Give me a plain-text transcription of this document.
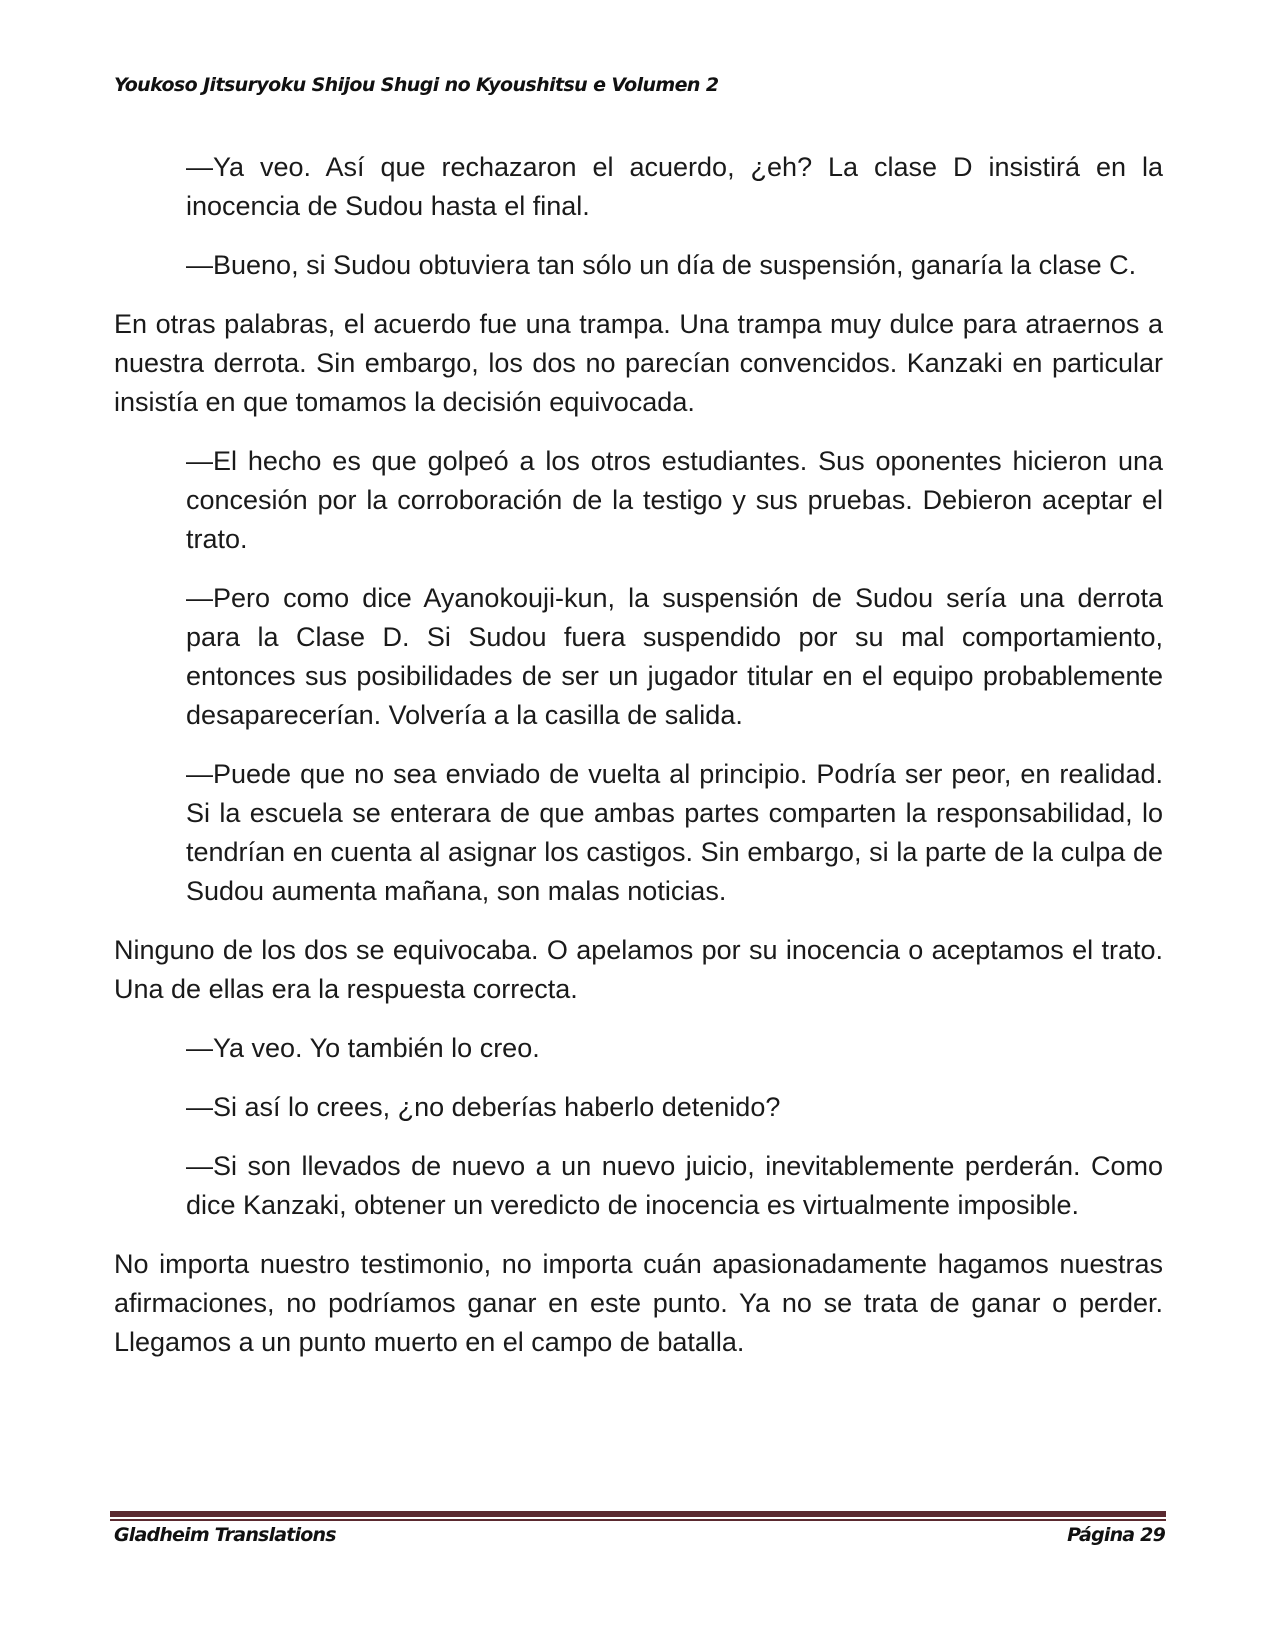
Youkoso Jitsuryoku Shijou Shugi no Kyoushitsu e Volumen 2

—Ya veo. Así que rechazaron el acuerdo, ¿eh? La clase D insistirá en la inocencia de Sudou hasta el final.

—Bueno, si Sudou obtuviera tan sólo un día de suspensión, ganaría la clase C.

En otras palabras, el acuerdo fue una trampa. Una trampa muy dulce para atraernos a nuestra derrota. Sin embargo, los dos no parecían convencidos. Kanzaki en particular insistía en que tomamos la decisión equivocada.

—El hecho es que golpeó a los otros estudiantes. Sus oponentes hicieron una concesión por la corroboración de la testigo y sus pruebas. Debieron aceptar el trato.

—Pero como dice Ayanokouji-kun, la suspensión de Sudou sería una derrota para la Clase D. Si Sudou fuera suspendido por su mal comportamiento, entonces sus posibilidades de ser un jugador titular en el equipo probablemente desaparecerían. Volvería a la casilla de salida.

—Puede que no sea enviado de vuelta al principio. Podría ser peor, en realidad. Si la escuela se enterara de que ambas partes comparten la responsabilidad, lo tendrían en cuenta al asignar los castigos. Sin embargo, si la parte de la culpa de Sudou aumenta mañana, son malas noticias.

Ninguno de los dos se equivocaba. O apelamos por su inocencia o aceptamos el trato. Una de ellas era la respuesta correcta.

—Ya veo. Yo también lo creo.

—Si así lo crees, ¿no deberías haberlo detenido?

—Si son llevados de nuevo a un nuevo juicio, inevitablemente perderán. Como dice Kanzaki, obtener un veredicto de inocencia es virtualmente imposible.

No importa nuestro testimonio, no importa cuán apasionadamente hagamos nuestras afirmaciones, no podríamos ganar en este punto. Ya no se trata de ganar o perder. Llegamos a un punto muerto en el campo de batalla.

Gladheim Translations	Página 29
